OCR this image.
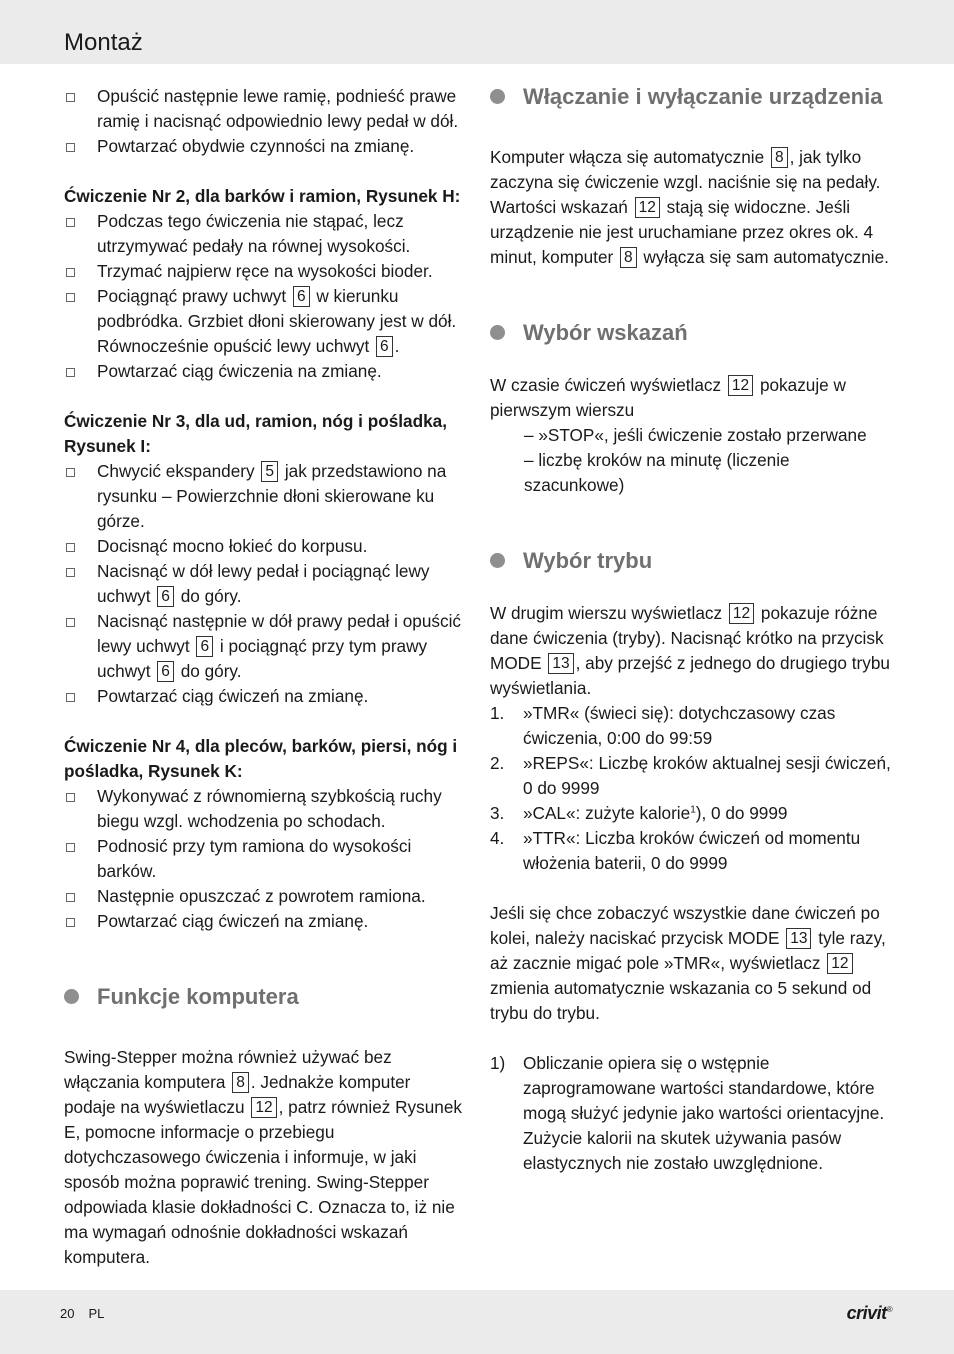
Montaż
Opuścić następnie lewe ramię, podnieść prawe ramię i nacisnąć odpowiednio lewy pedał w dół.
Powtarzać obydwie czynności na zmianę.
Ćwiczenie Nr 2, dla barków i ramion, Rysunek H:
Podczas tego ćwiczenia nie stąpać, lecz utrzymywać pedały na równej wysokości.
Trzymać najpierw ręce na wysokości bioder.
Pociągnąć prawy uchwyt 6 w kierunku podbródka. Grzbiet dłoni skierowany jest w dół. Równocześnie opuścić lewy uchwyt 6 .
Powtarzać ciąg ćwiczenia na zmianę.
Ćwiczenie Nr 3, dla ud, ramion, nóg i pośladka, Rysunek I:
Chwycić ekspandery 5 jak przedstawiono na rysunku – Powierzchnie dłoni skierowane ku górze.
Docisnąć mocno łokieć do korpusu.
Nacisnąć w dół lewy pedał i pociągnąć lewy uchwyt 6 do góry.
Nacisnąć następnie w dół prawy pedał i opuścić lewy uchwyt 6 i pociągnąć przy tym prawy uchwyt 6 do góry.
Powtarzać ciąg ćwiczeń na zmianę.
Ćwiczenie Nr 4, dla pleców, barków, piersi, nóg i pośladka, Rysunek K:
Wykonywać z równomierną szybkością ruchy biegu wzgl. wchodzenia po schodach.
Podnosić przy tym ramiona do wysokości barków.
Następnie opuszczać z powrotem ramiona.
Powtarzać ciąg ćwiczeń na zmianę.
Funkcje komputera
Swing-Stepper można również używać bez włączania komputera 8 . Jednakże komputer podaje na wyświetlaczu 12 , patrz również Rysunek E, pomocne informacje o przebiegu dotychczasowego ćwiczenia i informuje, w jaki sposób można poprawić trening. Swing-Stepper odpowiada klasie dokładności C. Oznacza to, iż nie ma wymagań odnośnie dokładności wskazań komputera.
Włączanie i wyłączanie urządzenia
Komputer włącza się automatycznie 8 , jak tylko zaczyna się ćwiczenie wzgl. naciśnie się na pedały. Wartości wskazań 12 stają się widoczne. Jeśli urządzenie nie jest uruchamiane przez okres ok. 4 minut, komputer 8 wyłącza się sam automatycznie.
Wybór wskazań
W czasie ćwiczeń wyświetlacz 12 pokazuje w pierwszym wierszu
– »STOP«, jeśli ćwiczenie zostało przerwane
– liczbę kroków na minutę (liczenie szacunkowe)
Wybór trybu
W drugim wierszu wyświetlacz 12 pokazuje różne dane ćwiczenia (tryby). Nacisnąć krótko na przycisk MODE 13 , aby przejść z jednego do drugiego trybu wyświetlania.
1. »TMR« (świeci się): dotychczasowy czas ćwiczenia, 0:00 do 99:59
2. »REPS«: Liczbę kroków aktualnej sesji ćwiczeń, 0 do 9999
3. »CAL«: zużyte kalorie$^1$), 0 do 9999
4. »TTR«: Liczba kroków ćwiczeń od momentu włożenia baterii, 0 do 9999
Jeśli się chce zobaczyć wszystkie dane ćwiczeń po kolei, należy naciskać przycisk MODE 13 tyle razy, aż zacznie migać pole »TMR«, wyświetlacz 12 zmienia automatycznie wskazania co 5 sekund od trybu do trybu.
1) Obliczanie opiera się o wstępnie zaprogramowane wartości standardowe, które mogą służyć jedynie jako wartości orientacyjne. Zużycie kalorii na skutek używania pasów elastycznych nie zostało uwzględnione.
20 PL	crivit®
